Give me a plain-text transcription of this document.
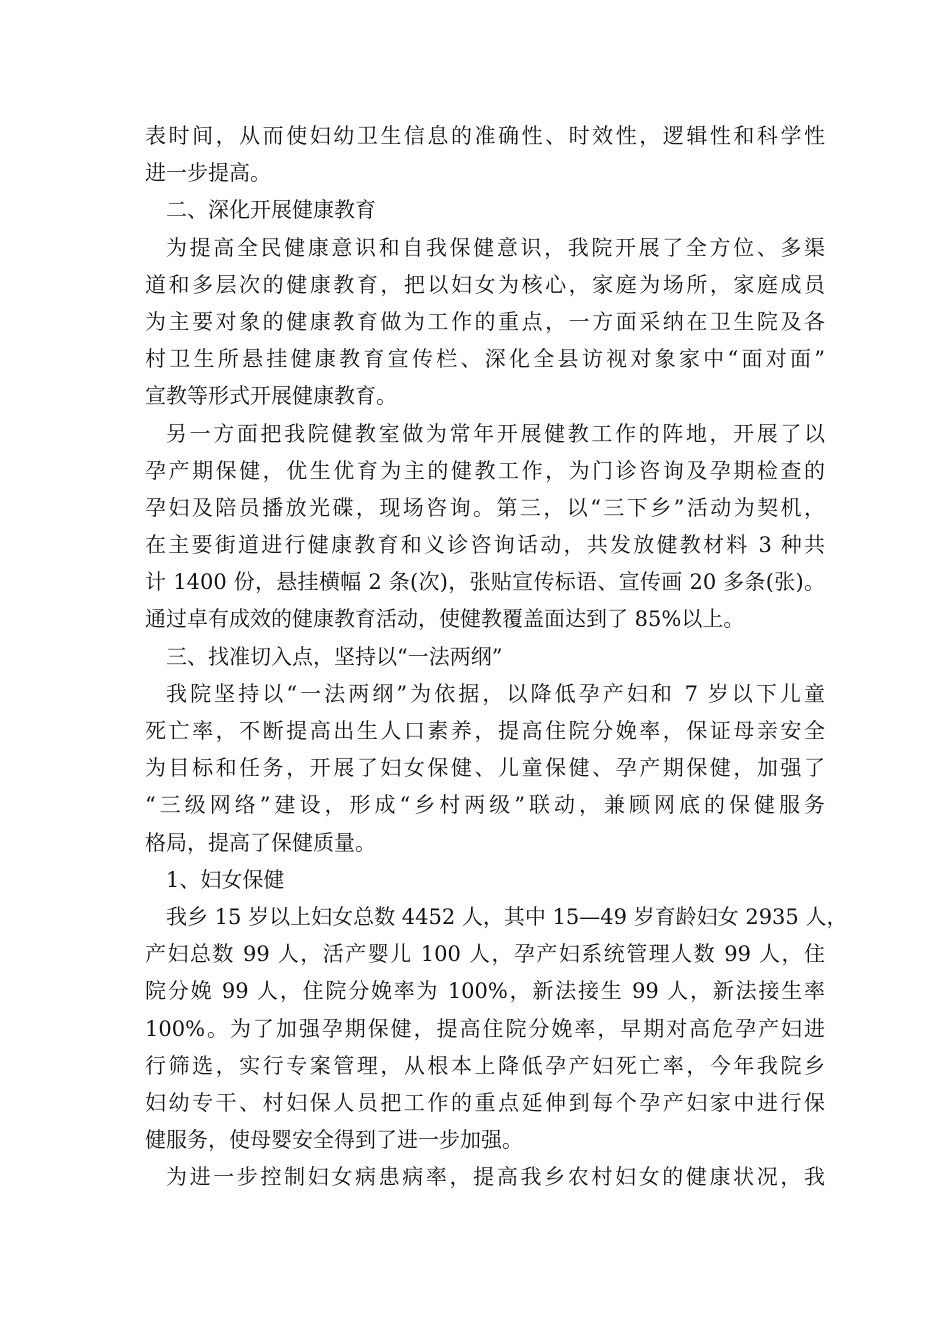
表时间，从而使妇幼卫生信息的准确性、时效性，逻辑性和科学性
进一步提高。
二、深化开展健康教育
为提高全民健康意识和自我保健意识，我院开展了全方位、多渠
道和多层次的健康教育，把以妇女为核心，家庭为场所，家庭成员
为主要对象的健康教育做为工作的重点，一方面采纳在卫生院及各
村卫生所悬挂健康教育宣传栏、深化全县访视对象家中“面对面”
宣教等形式开展健康教育。
另一方面把我院健教室做为常年开展健教工作的阵地，开展了以
孕产期保健，优生优育为主的健教工作，为门诊咨询及孕期检查的
孕妇及陪员播放光碟，现场咨询。第三，以“三下乡”活动为契机，
在主要街道进行健康教育和义诊咨询话动，共发放健教材料 3 种共
计 1400 份，悬挂横幅 2 条(次)，张贴宣传标语、宣传画 20 多条(张)。
通过卓有成效的健康教育活动，使健教覆盖面达到了 85%以上。
三、找准切入点，坚持以“一法两纲”
我院坚持以“一法两纲”为依据，以降低孕产妇和 7 岁以下儿童
死亡率，不断提高出生人口素养，提高住院分娩率，保证母亲安全
为目标和任务，开展了妇女保健、儿童保健、孕产期保健，加强了
“三级网络”建设，形成“乡村两级”联动，兼顾网底的保健服务
格局，提高了保健质量。
1、妇女保健
我乡 15 岁以上妇女总数 4452 人，其中 15—49 岁育龄妇女 2935 人，
产妇总数 99 人，活产婴儿 100 人，孕产妇系统管理人数 99 人，住
院分娩 99 人，住院分娩率为 100%，新法接生 99 人，新法接生率
100%。为了加强孕期保健，提高住院分娩率，早期对高危孕产妇进
行筛选，实行专案管理，从根本上降低孕产妇死亡率，今年我院乡
妇幼专干、村妇保人员把工作的重点延伸到每个孕产妇家中进行保
健服务，使母婴安全得到了进一步加强。
为进一步控制妇女病患病率，提高我乡农村妇女的健康状况，我
